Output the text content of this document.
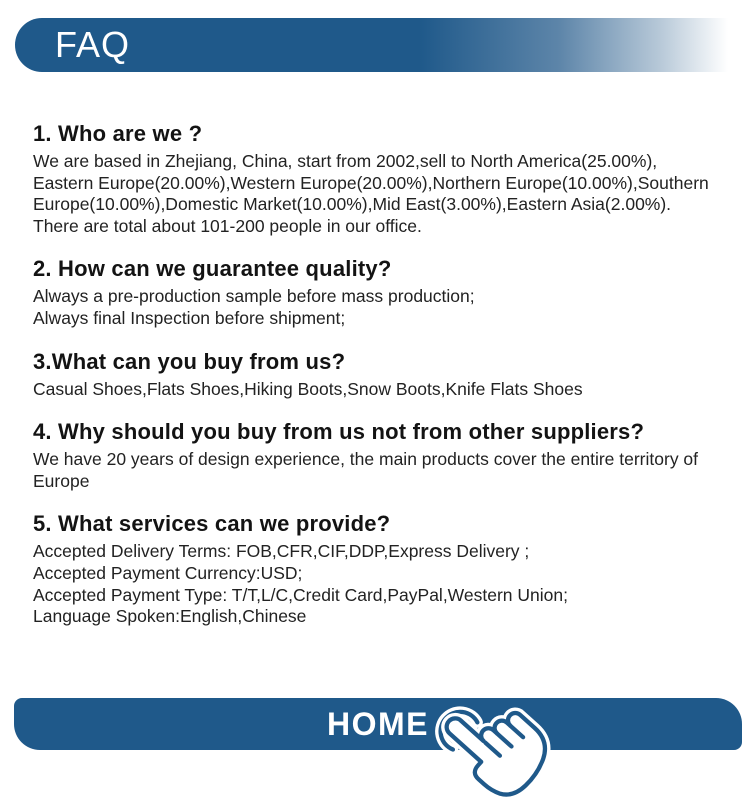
FAQ
1. Who are we ?

We are based in Zhejiang, China, start from 2002,sell to North America(25.00%),

Eastern Europe(20.00%),Western Europe(20.00%),Northern Europe(10.00%),Southern

Europe(10.00%),Domestic Market(10.00%),Mid East(3.00%),Eastern Asia(2.00%).

There are total about 101-200 people in our office.

2. How can we guarantee quality?

Always a pre-production sample before mass production;

Always final Inspection before shipment;

3.What can you buy from us?

Casual Shoes,Flats Shoes,Hiking Boots,Snow Boots,Knife Flats Shoes

4. Why should you buy from us not from other suppliers?

We have 20 years of design experience, the main products cover the entire territory of

Europe

5. What services can we provide?

Accepted Delivery Terms: FOB,CFR,CIF,DDP,Express Delivery ;

Accepted Payment Currency:USD;

Accepted Payment Type: T/T,L/C,Credit Card,PayPal,Western Union;

Language Spoken:English,Chinese

HOME
